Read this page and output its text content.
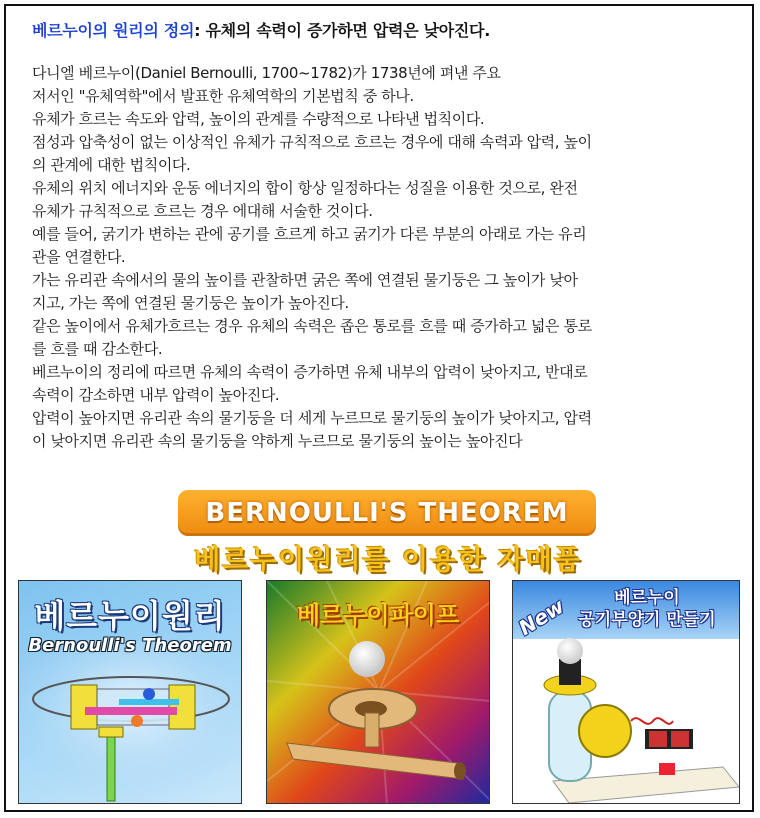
베르누이의 원리의 정의: 유체의 속력이 증가하면 압력은 낮아진다.

다니엘 베르누이(Daniel Bernoulli, 1700~1782)가 1738년에 펴낸 주요
저서인 "유체역학"에서 발표한 유체역학의 기본법칙 중 하나.

유체가 흐르는 속도와 압력, 높이의 관계를 수량적으로 나타낸 법칙이다.

점성과 압축성이 없는 이상적인 유체가 규칙적으로 흐르는 경우에 대해 속력과 압력, 높이
의 관계에 대한 법칙이다.

유체의 위치 에너지와 운동 에너지의 합이 항상 일정하다는 성질을 이용한 것으로, 완전
유체가 규칙적으로 흐르는 경우 에대해 서술한 것이다.

예를 들어, 굵기가 변하는 관에 공기를 흐르게 하고 굵기가 다른 부분의 아래로 가는 유리
관을 연결한다.

가는 유리관 속에서의 물의 높이를 관찰하면 굵은 쪽에 연결된 물기둥은 그 높이가 낮아
지고, 가는 쪽에 연결된 물기둥은 높이가 높아진다.

같은 높이에서 유체가흐르는 경우 유체의 속력은 좁은 통로를 흐를 때 증가하고 넓은 통로
를 흐를 때 감소한다.

베르누이의 정리에 따르면 유체의 속력이 증가하면 유체 내부의 압력이 낮아지고, 반대로
속력이 감소하면 내부 압력이 높아진다.

압력이 높아지면 유리관 속의 물기둥을 더 세게 누르므로 물기둥의 높이가 낮아지고, 압력
이 낮아지면 유리관 속의 물기둥을 약하게 누르므로 물기둥의 높이는 높아진다

BERNOULLI'S THEOREM
베르누이원리를 이용한 자매품
베르누이원리
Bernoulli's Theorem
베르누이파이프	New	베르누이
공기부양기 만들기
